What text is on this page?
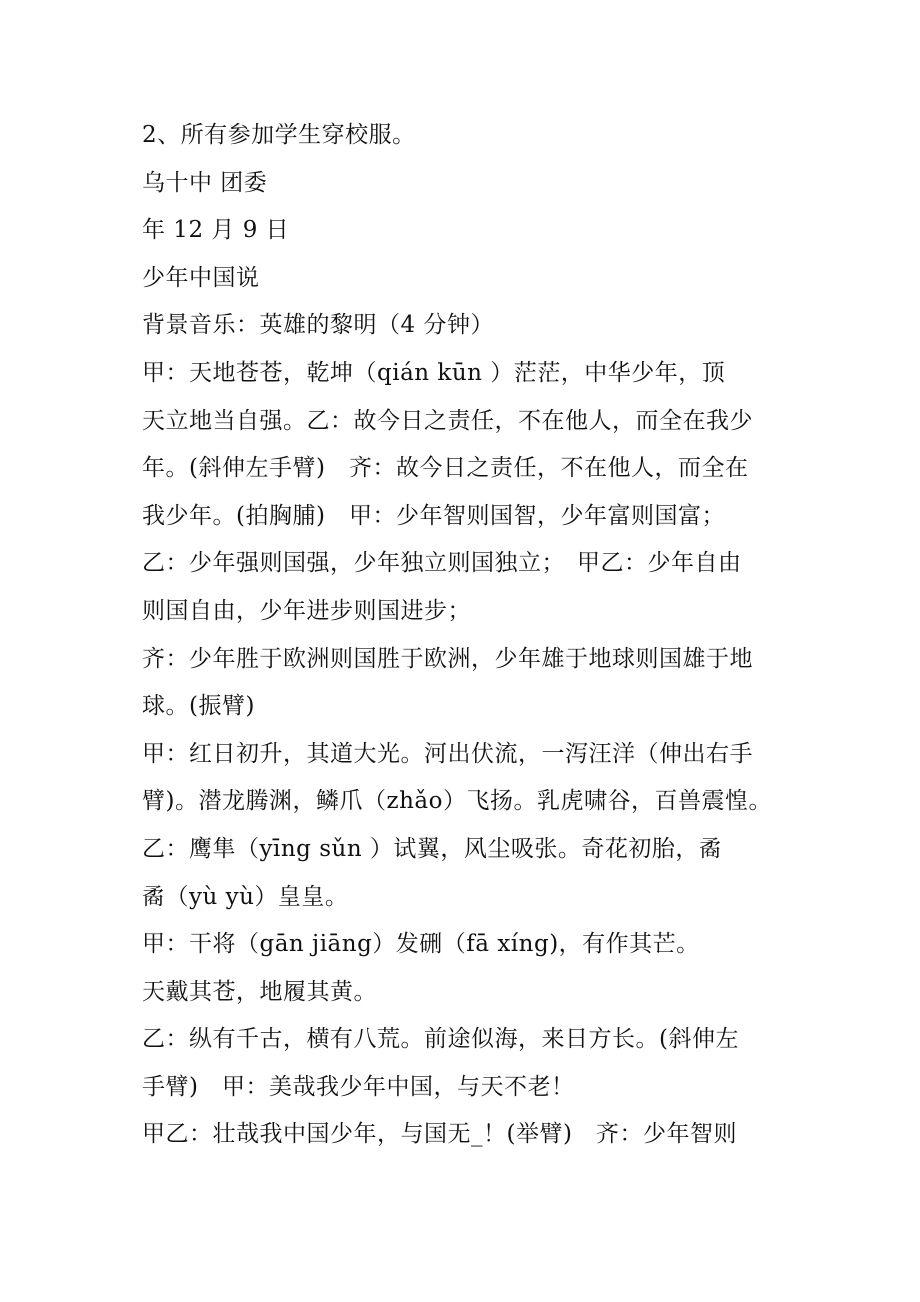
2、所有参加学生穿校服。
乌十中 团委
年 12 月 9 日
少年中国说
背景音乐：英雄的黎明（4 分钟）
甲：天地苍苍，乾坤（qián kūn ）茫茫，中华少年，顶
天立地当自强。乙：故今日之责任，不在他人，而全在我少
年。(斜伸左手臂)　齐：故今日之责任，不在他人，而全在
我少年。(拍胸脯)　甲：少年智则国智，少年富则国富；
乙：少年强则国强，少年独立则国独立；　甲乙：少年自由
则国自由，少年进步则国进步；
齐：少年胜于欧洲则国胜于欧洲，少年雄于地球则国雄于地
球。(振臂)
甲：红日初升，其道大光。河出伏流，一泻汪洋（伸出右手
臂)。潜龙腾渊，鳞爪（zhǎo）飞扬。乳虎啸谷，百兽震惶。
乙：鹰隼（yīng sǔn ）试翼，风尘吸张。奇花初胎，矞
矞（yù yù）皇皇。
甲：干将（gān jiāng）发硎（fā xíng)，有作其芒。
天戴其苍，地履其黄。
乙：纵有千古，横有八荒。前途似海，来日方长。(斜伸左
手臂)　甲：美哉我少年中国，与天不老！
甲乙：壮哉我中国少年，与国无_！(举臂)　齐：少年智则
